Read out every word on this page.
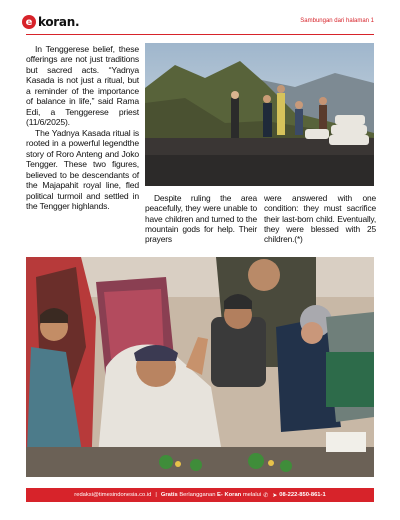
e koran.	Sambungan dari halaman 1

In Tenggerese belief, these offerings are not just traditions but sacred acts. “Yadnya Kasada is not just a ritual, but a reminder of the importance of balance in life,” said Rama Edi, a Tenggerese priest (11/6/2025).

The Yadnya Kasada ritual is rooted in a powerful legendthe story of Roro Anteng and Joko Tengger. These two figures, believed to be descendants of the Majapahit royal line, fled political turmoil and settled in the Tengger highlands.

Despite ruling the area peacefully, they were unable to have children and turned to the mountain gods for help. Their prayers

were answered with one condition: they must sacrifice their last-born child. Eventually, they were blessed with 25 children.(*)

redaksi@timesindonesia.co.id | Gratis
Berlangganan
E- Koran
melalui ✆ ➤ 08-222-850-861-1
